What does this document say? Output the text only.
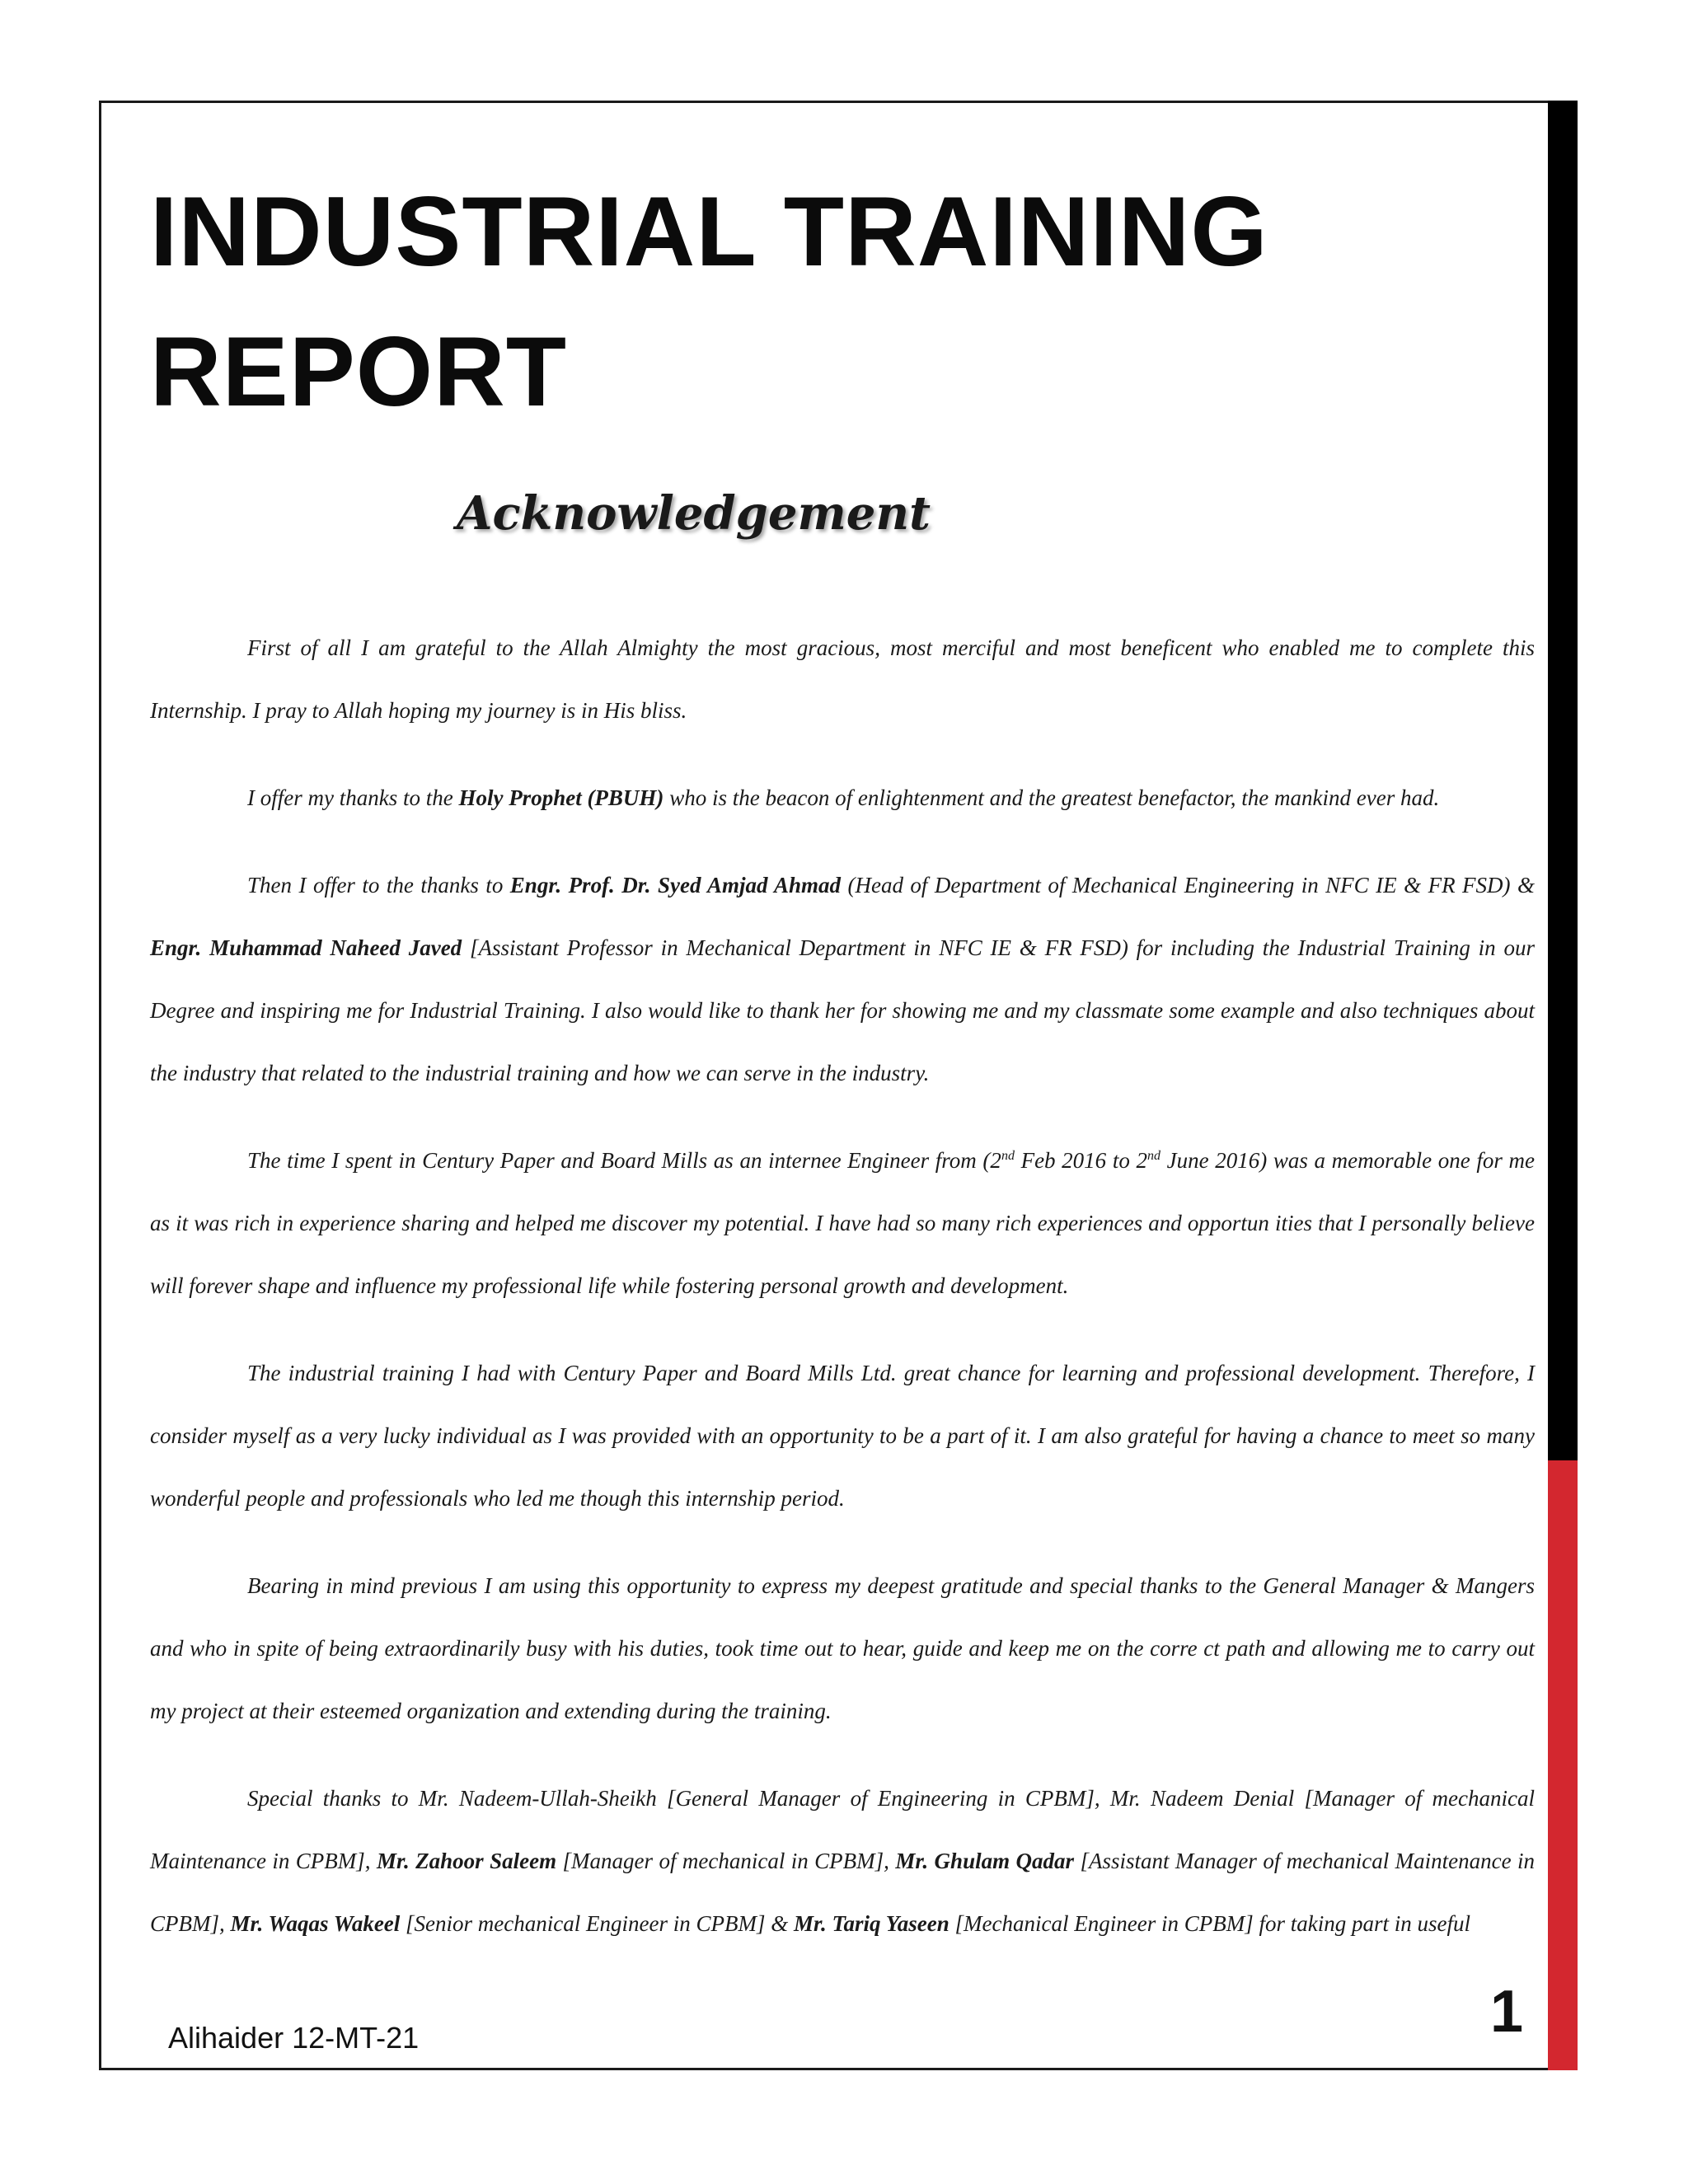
INDUSTRIAL TRAINING REPORT
Acknowledgement

First of all I am grateful to the Allah Almighty the most gracious, most merciful and most beneficent who enabled me to complete this Internship. I pray to Allah hoping my journey is in His bliss.

I offer my thanks to the Holy Prophet (PBUH) who is the beacon of enlightenment and the greatest benefactor, the mankind ever had.

Then I offer to the thanks to Engr. Prof. Dr. Syed Amjad Ahmad (Head of Department of Mechanical Engineering in NFC IE & FR FSD) & Engr. Muhammad Naheed Javed [Assistant Professor in Mechanical Department in NFC IE & FR FSD) for including the Industrial Training in our Degree and inspiring me for Industrial Training. I also would like to thank her for showing me and my classmate some example and also techniques about the industry that related to the industrial training and how we can serve in the industry.

The time I spent in Century Paper and Board Mills as an internee Engineer from (2nd Feb 2016 to 2nd June 2016) was a memorable one for me as it was rich in experience sharing and helped me discover my potential. I have had so many rich experiences and opportun ities that I personally believe will forever shape and influence my professional life while fostering personal growth and development.

The industrial training I had with Century Paper and Board Mills Ltd. great chance for learning and professional development. Therefore, I consider myself as a very lucky individual as I was provided with an opportunity to be a part of it. I am also grateful for having a chance to meet so many wonderful people and professionals who led me though this internship period.

Bearing in mind previous I am using this opportunity to express my deepest gratitude and special thanks to the General Manager & Mangers and who in spite of being extraordinarily busy with his duties, took time out to hear, guide and keep me on the corre ct path and allowing me to carry out my project at their esteemed organization and extending during the training.

Special thanks to Mr. Nadeem-Ullah-Sheikh [General Manager of Engineering in CPBM], Mr. Nadeem Denial [Manager of mechanical Maintenance in CPBM], Mr. Zahoor Saleem [Manager of mechanical in CPBM], Mr. Ghulam Qadar [Assistant Manager of mechanical Maintenance in CPBM], Mr. Waqas Wakeel [Senior mechanical Engineer in CPBM] & Mr. Tariq Yaseen [Mechanical Engineer in CPBM] for taking part in useful

Alihaider 12-MT-21	1
